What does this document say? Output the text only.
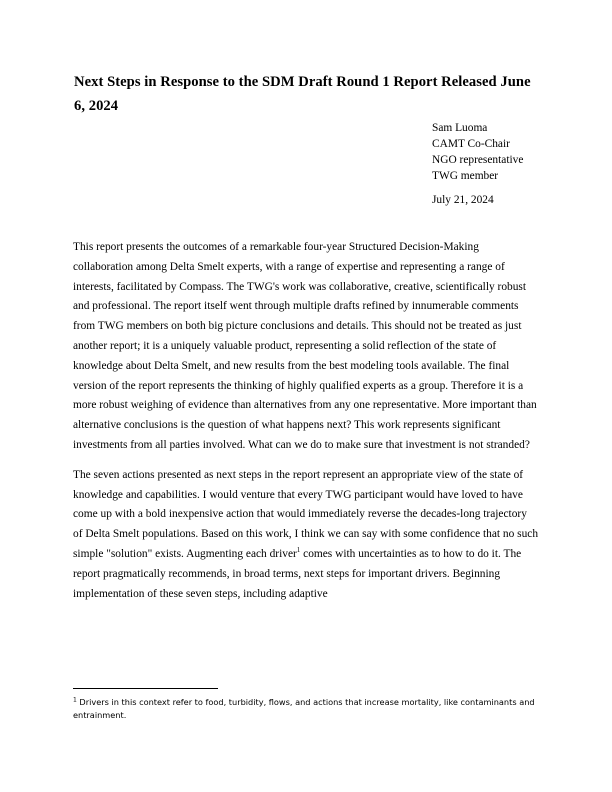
Next Steps in Response to the SDM Draft Round 1 Report Released June 6, 2024
Sam Luoma
CAMT Co-Chair
NGO representative
TWG member
July 21, 2024

This report presents the outcomes of a remarkable four-year Structured Decision-Making collaboration among Delta Smelt experts, with a range of expertise and representing a range of interests, facilitated by Compass. The TWG's work was collaborative, creative, scientifically robust and professional. The report itself went through multiple drafts refined by innumerable comments from TWG members on both big picture conclusions and details. This should not be treated as just another report; it is a uniquely valuable product, representing a solid reflection of the state of knowledge about Delta Smelt, and new results from the best modeling tools available. The final version of the report represents the thinking of highly qualified experts as a group. Therefore it is a more robust weighing of evidence than alternatives from any one representative. More important than alternative conclusions is the question of what happens next? This work represents significant investments from all parties involved. What can we do to make sure that investment is not stranded?

The seven actions presented as next steps in the report represent an appropriate view of the state of knowledge and capabilities. I would venture that every TWG participant would have loved to have come up with a bold inexpensive action that would immediately reverse the decades-long trajectory of Delta Smelt populations. Based on this work, I think we can say with some confidence that no such simple "solution" exists. Augmenting each driver$^1$ comes with uncertainties as to how to do it. The report pragmatically recommends, in broad terms, next steps for important drivers. Beginning implementation of these seven steps, including adaptive

$^1$ Drivers in this context refer to food, turbidity, flows, and actions that increase mortality, like contaminants and entrainment.
